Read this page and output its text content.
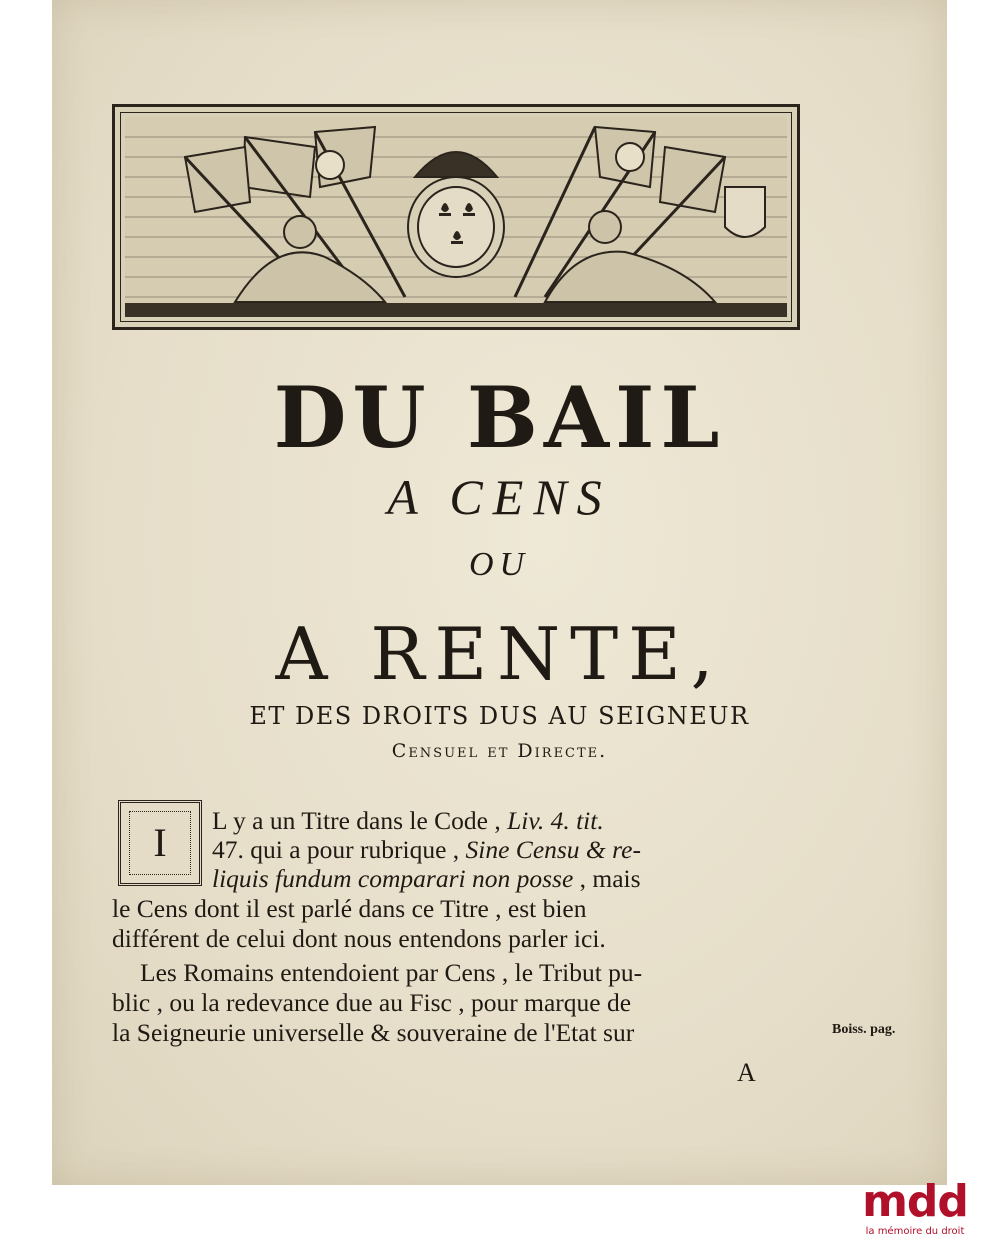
DU BAIL
A CENS
OU
A RENTE,
ET DES DROITS DUS AU SEIGNEUR
Censuel et Directe.
I	L y a un Titre dans le Code , Liv. 4. tit.

47. qui a pour rubrique , Sine Censu & re-

liquis fundum comparari non posse , mais

le Cens dont il est parlé dans ce Titre , est bien

différent de celui dont nous entendons parler ici.

Les Romains entendoient par Cens , le Tribut pu-

blic , ou la redevance due au Fisc , pour marque de

la Seigneurie universelle & souveraine de l'Etat sur	Boiss. pag.
A
mdd
la mémoire du droit
